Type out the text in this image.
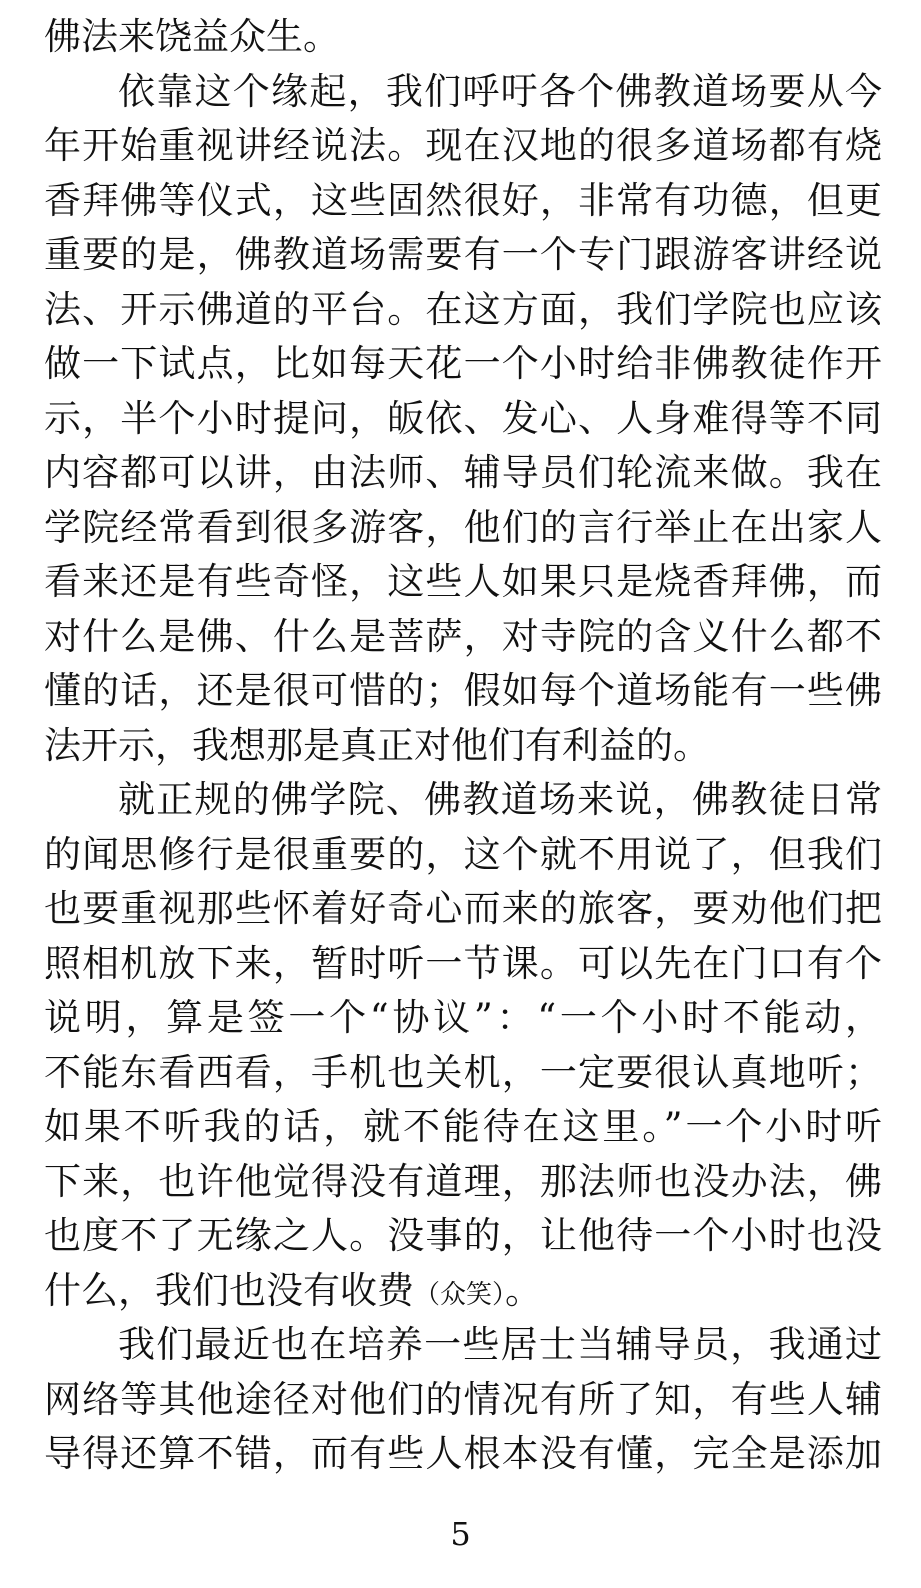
佛法来饶益众生。
依靠这个缘起，我们呼吁各个佛教道场要从今
年开始重视讲经说法。现在汉地的很多道场都有烧
香拜佛等仪式，这些固然很好，非常有功德，但更
重要的是，佛教道场需要有一个专门跟游客讲经说
法、开示佛道的平台。在这方面，我们学院也应该
做一下试点，比如每天花一个小时给非佛教徒作开
示，半个小时提问，皈依、发心、人身难得等不同
内容都可以讲，由法师、辅导员们轮流来做。我在
学院经常看到很多游客，他们的言行举止在出家人
看来还是有些奇怪，这些人如果只是烧香拜佛，而
对什么是佛、什么是菩萨，对寺院的含义什么都不
懂的话，还是很可惜的；假如每个道场能有一些佛
法开示，我想那是真正对他们有利益的。
就正规的佛学院、佛教道场来说，佛教徒日常
的闻思修行是很重要的，这个就不用说了，但我们
也要重视那些怀着好奇心而来的旅客，要劝他们把
照相机放下来，暂时听一节课。可以先在门口有个
说明，算是签一个“协议”：“一个小时不能动，
不能东看西看，手机也关机，一定要很认真地听；
如果不听我的话，就不能待在这里。”一个小时听
下来，也许他觉得没有道理，那法师也没办法，佛
也度不了无缘之人。没事的，让他待一个小时也没
什么，我们也没有收费（众笑）。
我们最近也在培养一些居士当辅导员，我通过
网络等其他途径对他们的情况有所了知，有些人辅
导得还算不错，而有些人根本没有懂，完全是添加
5
